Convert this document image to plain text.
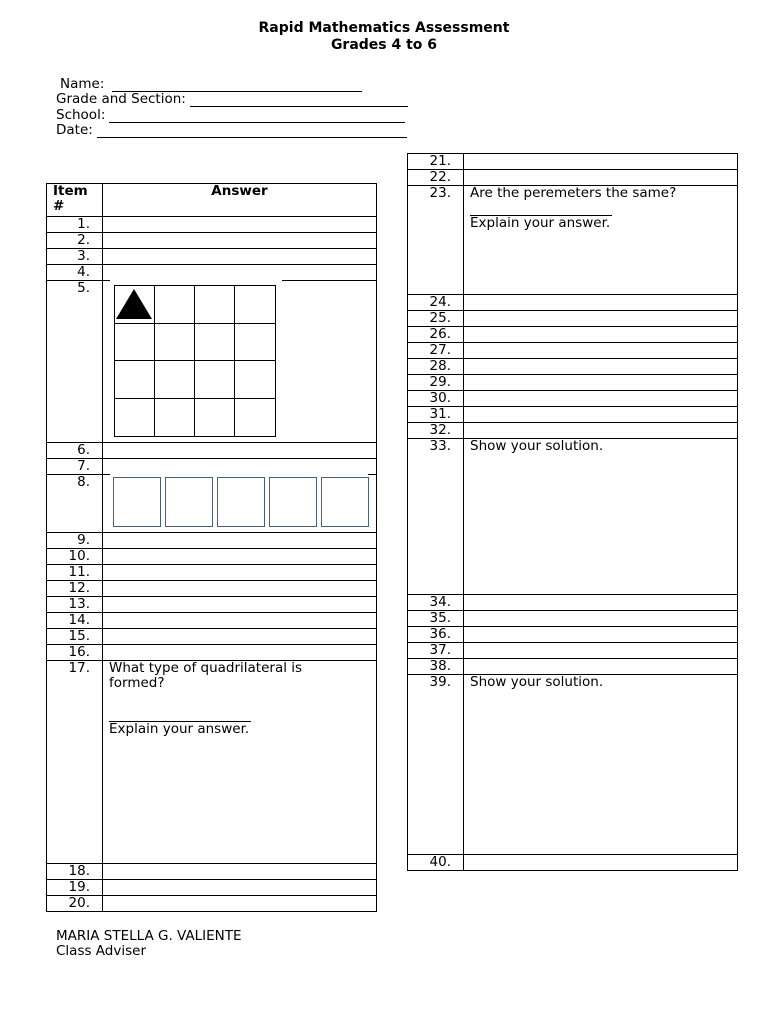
Rapid Mathematics Assessment
Grades 4 to 6
Name:
Grade and Section:
School:
Date:
Item #	Answer
1.	
2.	
3.	
4.	
5.	

6.	
7.	
8.	

9.	
10.	
11.	
12.	
13.	
14.	
15.	
16.	
17.	What type of quadrilateral is formed?
Explain your answer.

18.	
19.	
20.	
21.	
22.	
23.	Are the peremeters the same?
Explain your answer.

24.	
25.	
26.	
27.	
28.	
29.	
30.	
31.	
32.	
33.	Show your solution.

34.	
35.	
36.	
37.	
38.	
39.	Show your solution.

40.	
MARIA STELLA G. VALIENTE
Class Adviser
